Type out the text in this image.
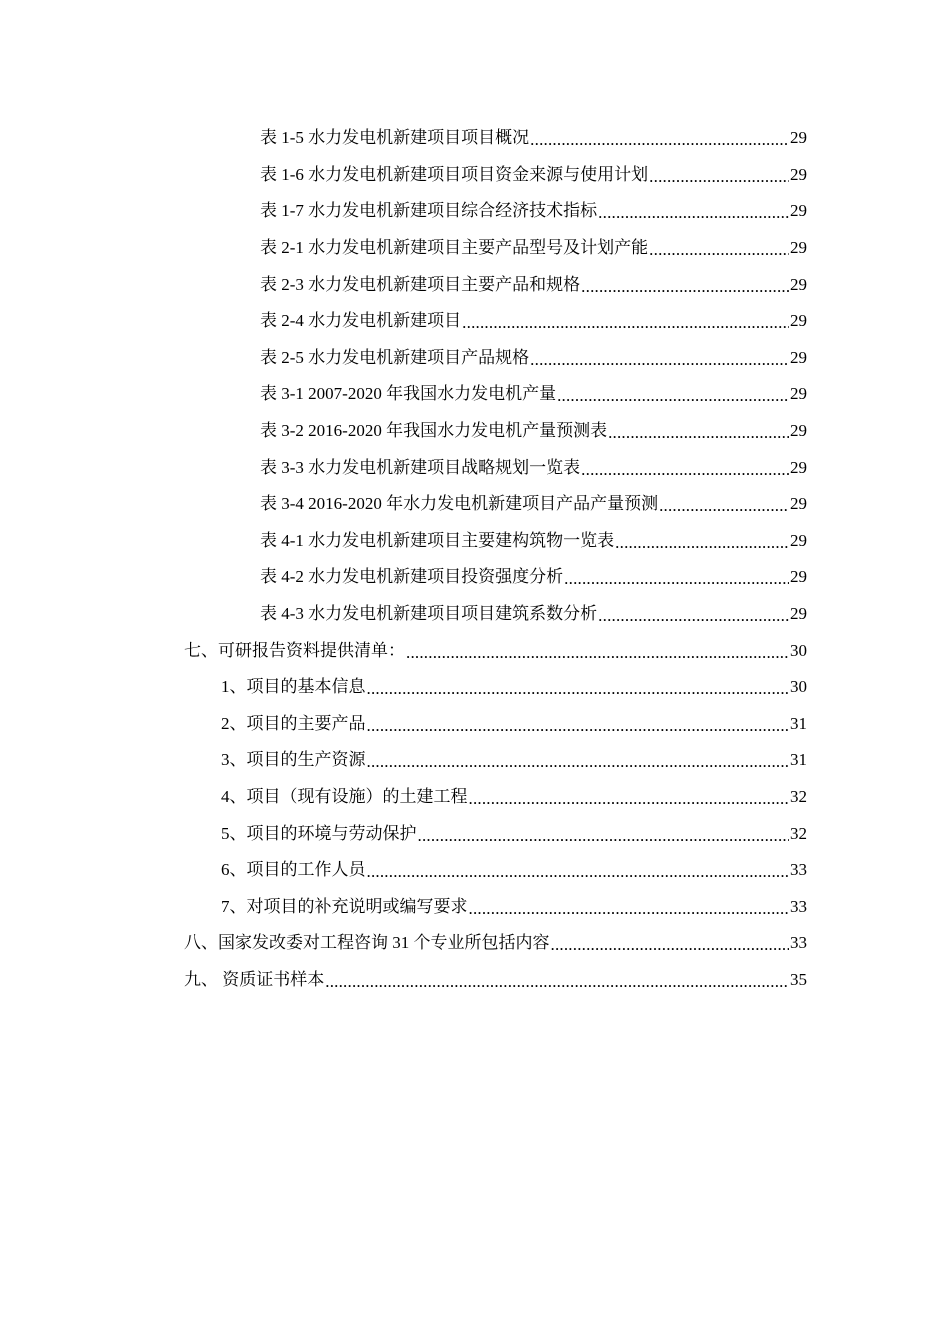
表 1-5 水力发电机新建项目项目概况 .....	29
表 1-6 水力发电机新建项目项目资金来源与使用计划 .....	29
表 1-7 水力发电机新建项目综合经济技术指标 .....	29
表 2-1 水力发电机新建项目主要产品型号及计划产能 .....	29
表 2-3 水力发电机新建项目主要产品和规格 .....	29
表 2-4 水力发电机新建项目 .....	29
表 2-5 水力发电机新建项目产品规格 .....	29
表 3-1 2007-2020 年我国水力发电机产量 .....	29
表 3-2 2016-2020 年我国水力发电机产量预测表 .....	29
表 3-3 水力发电机新建项目战略规划一览表 .....	29
表 3-4 2016-2020 年水力发电机新建项目产品产量预测 .....	29
表 4-1 水力发电机新建项目主要建构筑物一览表 .....	29
表 4-2 水力发电机新建项目投资强度分析 .....	29
表 4-3 水力发电机新建项目项目建筑系数分析 .....	29
七、可研报告资料提供清单： .....	30
1、项目的基本信息 .....	30
2、项目的主要产品 .....	31
3、项目的生产资源 .....	31
4、项目（现有设施）的土建工程 .....	32
5、项目的环境与劳动保护 .....	32
6、项目的工作人员 .....	33
7、对项目的补充说明或编写要求 .....	33
八、国家发改委对工程咨询 31 个专业所包括内容 .....	33
九、 资质证书样本 .....	35
